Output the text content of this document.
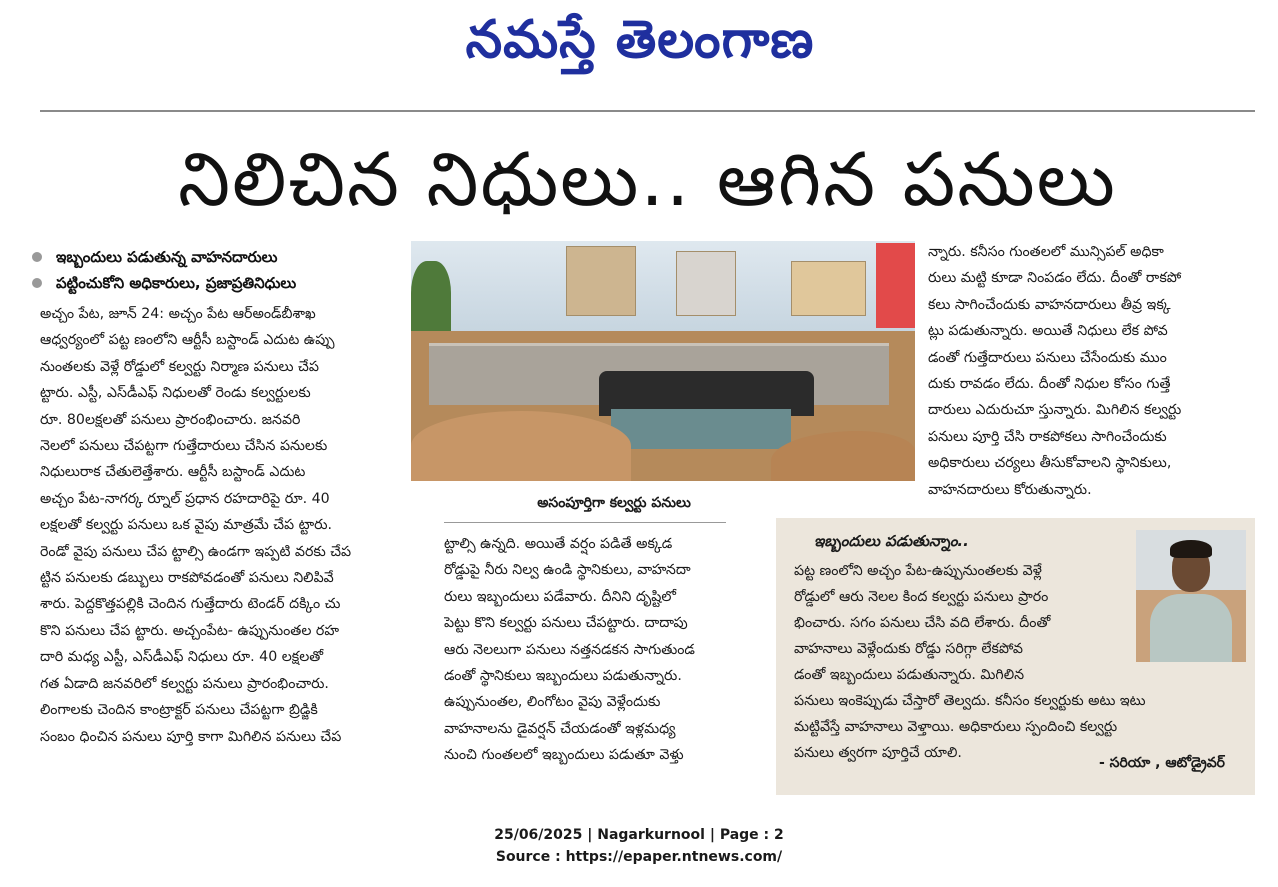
నమస్తే తెలంగాణ
నిలిచిన నిధులు.. ఆగిన పనులు
ఇబ్బందులు పడుతున్న వాహనదారులు
పట్టించుకోని అధికారులు, ప్రజాప్రతినిధులు
అచ్చం పేట, జూన్ 24: అచ్చం పేట ఆర్అండ్‌బీశాఖ
ఆధ్వర్యంలో పట్ట ణంలోని ఆర్టీసీ బస్టాండ్ ఎదుట ఉప్పు
నుంతలకు వెళ్లే రోడ్డులో కల్వర్టు నిర్మాణ పనులు చేప
ట్టారు. ఎస్టీ, ఎస్‌డీఎఫ్ నిధులతో రెండు కల్వర్టులకు
రూ. 80లక్షలతో పనులు ప్రారంభించారు. జనవరి
నెలలో పనులు చేపట్టగా గుత్తేదారులు చేసిన పనులకు
నిధులురాక చేతులెత్తేశారు. ఆర్టీసీ బస్టాండ్ ఎదుట
అచ్చం పేట-నాగర్క ర్నూల్ ప్రధాన రహదారిపై రూ. 40
లక్షలతో కల్వర్టు పనులు ఒక వైపు మాత్రమే చేప ట్టారు.
రెండో వైపు పనులు చేప ట్టాల్సి ఉండగా ఇప్పటి వరకు చేప
ట్టిన పనులకు డబ్బులు రాకపోవడంతో పనులు నిలిపివే
శారు. పెద్దకొత్తపల్లికి చెందిన గుత్తేదారు టెండర్ దక్కిం చు
కొని పనులు చేప ట్టారు. అచ్చంపేట- ఉప్పునుంతల రహ
దారి మధ్య ఎస్టీ, ఎస్‌డీఎఫ్ నిధులు రూ. 40 లక్షలతో
గత ఏడాది జనవరిలో కల్వర్టు పనులు ప్రారంభించారు.
లింగాలకు చెందిన కాంట్రాక్టర్ పనులు చేపట్టగా బ్రిడ్జికి
సంబం ధించిన పనులు పూర్తి కాగా మిగిలిన పనులు చేప
అసంపూర్తిగా కల్వర్టు పనులు
ట్టాల్సి ఉన్నది. అయితే వర్షం పడితే అక్కడ
రోడ్డుపై నీరు నిల్వ ఉండి స్థానికులు, వాహనదా
రులు ఇబ్బందులు పడేవారు. దీనిని దృష్టిలో
పెట్టు కొని కల్వర్టు పనులు చేపట్టారు. దాదాపు
ఆరు నెలలుగా పనులు నత్తనడకన సాగుతుండ
డంతో స్థానికులు ఇబ్బందులు పడుతున్నారు.
ఉప్పునుంతల, లింగోటం వైపు వెళ్లేందుకు
వాహనాలను డైవర్షన్ చేయడంతో ఇళ్లమధ్య
నుంచి గుంతలలో ఇబ్బందులు పడుతూ వెళ్తు
న్నారు. కనీసం గుంతలలో మున్సిపల్ అధికా
రులు మట్టి కూడా నింపడం లేదు. దీంతో రాకపో
కలు సాగించేందుకు వాహనదారులు తీవ్ర ఇక్క
ట్లు పడుతున్నారు. అయితే నిధులు లేక పోవ
డంతో గుత్తేదారులు పనులు చేసేందుకు ముం
దుకు రావడం లేదు. దీంతో నిధుల కోసం గుత్తే
దారులు ఎదురుచూ స్తున్నారు. మిగిలిన కల్వర్టు
పనులు పూర్తి చేసి రాకపోకలు సాగించేందుకు
అధికారులు చర్యలు తీసుకోవాలని స్థానికులు,
వాహనదారులు కోరుతున్నారు.
ఇబ్బందులు పడుతున్నాం..
పట్ట ణంలోని అచ్చం పేట-ఉప్పునుంతలకు వెళ్లే
రోడ్డులో ఆరు నెలల కింద కల్వర్టు పనులు ప్రారం
భించారు. సగం పనులు చేసి వది లేశారు. దీంతో
వాహనాలు వెళ్లేందుకు రోడ్డు సరిగ్గా లేకపోవ
డంతో ఇబ్బందులు పడుతున్నారు. మిగిలిన
పనులు ఇంకెప్పుడు చేస్తారో తెల్వదు. కనీసం కల్వర్టుకు అటు ఇటు
మట్టివేస్తే వాహనాలు వెళ్తాయి. అధికారులు స్పందించి కల్వర్టు
పనులు త్వరగా పూర్తిచే యాలి.
- సరియా , ఆటోడ్రైవర్
25/06/2025 | Nagarkurnool | Page : 2
Source : https://epaper.ntnews.com/
